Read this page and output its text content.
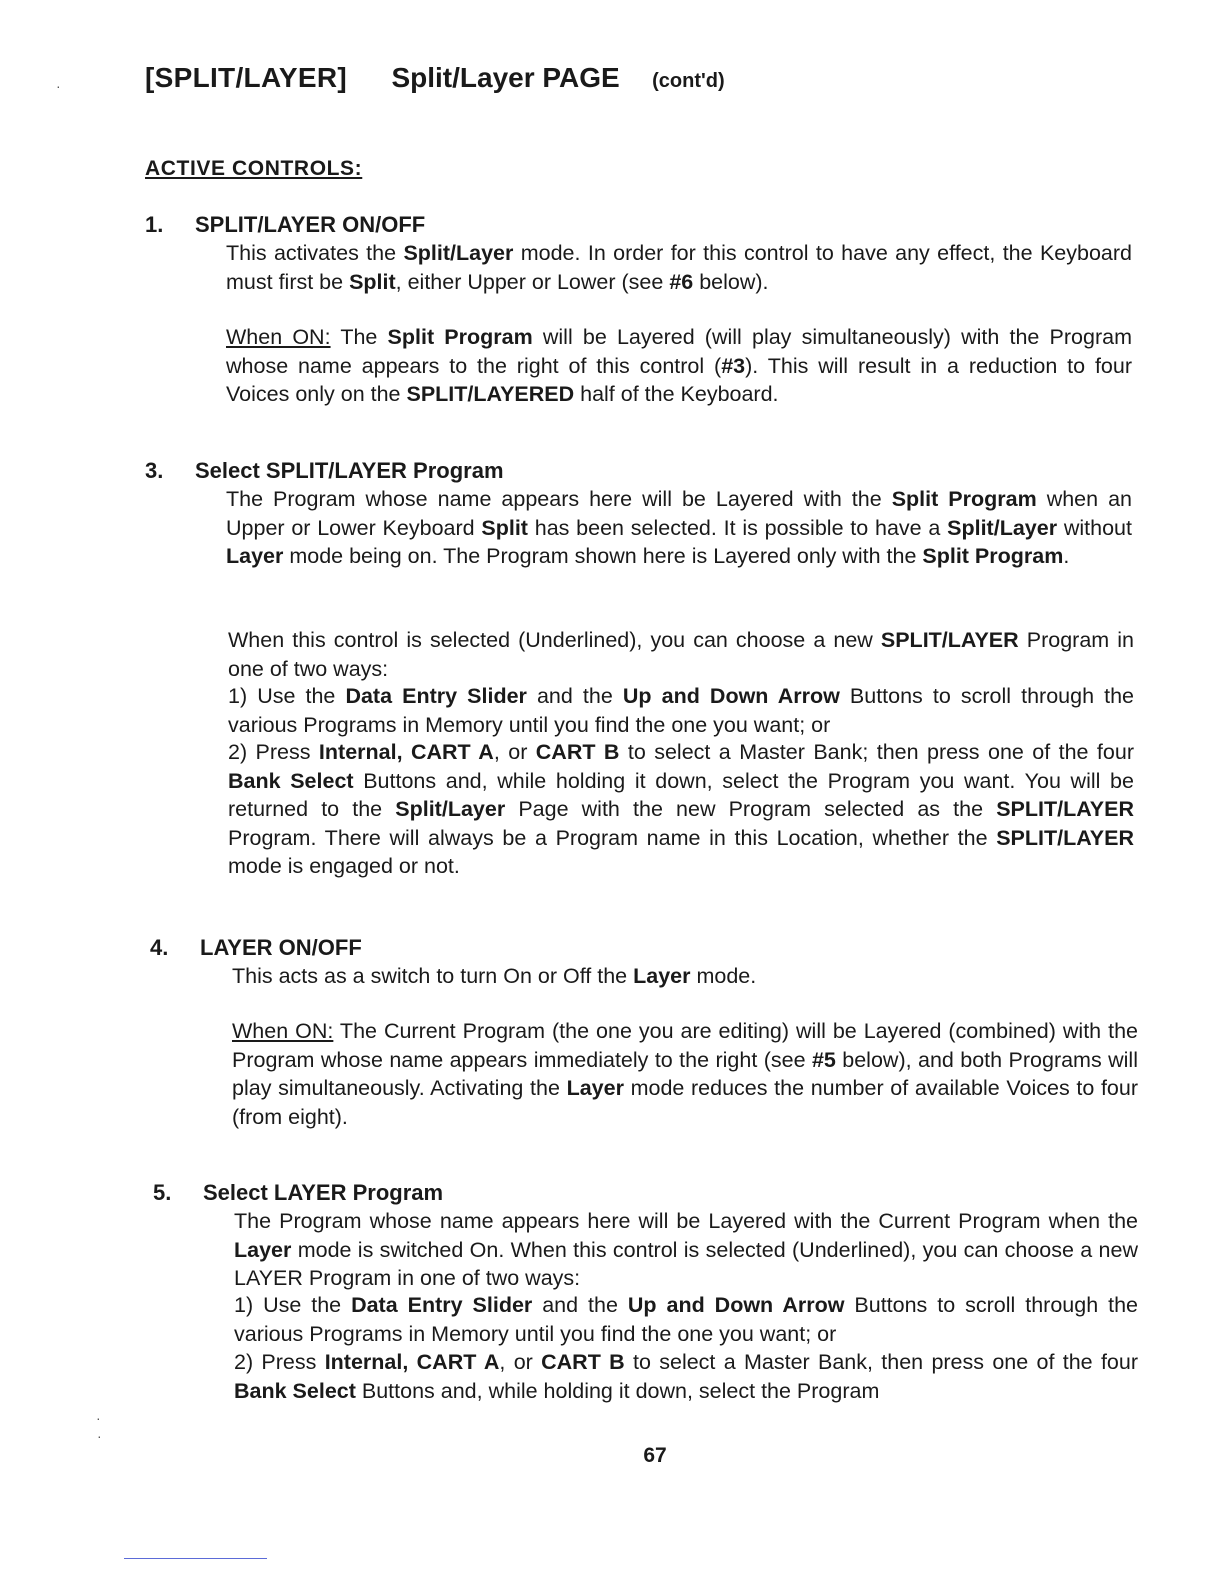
[SPLIT/LAYER] Split/Layer PAGE (cont'd)
ACTIVE CONTROLS:
1. SPLIT/LAYER ON/OFF

This activates the Split/Layer mode. In order for this control to have any effect, the Keyboard must first be Split, either Upper or Lower (see #6 below).

When ON: The Split Program will be Layered (will play simultaneously) with the Program whose name appears to the right of this control (#3). This will result in a reduction to four Voices only on the SPLIT/LAYERED half of the Keyboard.

3. Select SPLIT/LAYER Program

The Program whose name appears here will be Layered with the Split Program when an Upper or Lower Keyboard Split has been selected. It is possible to have a Split/Layer without Layer mode being on. The Program shown here is Layered only with the Split Program.

When this control is selected (Underlined), you can choose a new SPLIT/LAYER Program in one of two ways:

1) Use the Data Entry Slider and the Up and Down Arrow Buttons to scroll through the various Programs in Memory until you find the one you want; or

2) Press Internal, CART A, or CART B to select a Master Bank; then press one of the four Bank Select Buttons and, while holding it down, select the Program you want. You will be returned to the Split/Layer Page with the new Program selected as the SPLIT/LAYER Program. There will always be a Program name in this Location, whether the SPLIT/LAYER mode is engaged or not.

4. LAYER ON/OFF

This acts as a switch to turn On or Off the Layer mode.

When ON: The Current Program (the one you are editing) will be Layered (combined) with the Program whose name appears immediately to the right (see #5 below), and both Programs will play simultaneously. Activating the Layer mode reduces the number of available Voices to four (from eight).

5. Select LAYER Program

The Program whose name appears here will be Layered with the Current Program when the Layer mode is switched On. When this control is selected (Underlined), you can choose a new LAYER Program in one of two ways:

1) Use the Data Entry Slider and the Up and Down Arrow Buttons to scroll through the various Programs in Memory until you find the one you want; or

2) Press Internal, CART A, or CART B to select a Master Bank, then press one of the four Bank Select Buttons and, while holding it down, select the Program

67
·
·
·
